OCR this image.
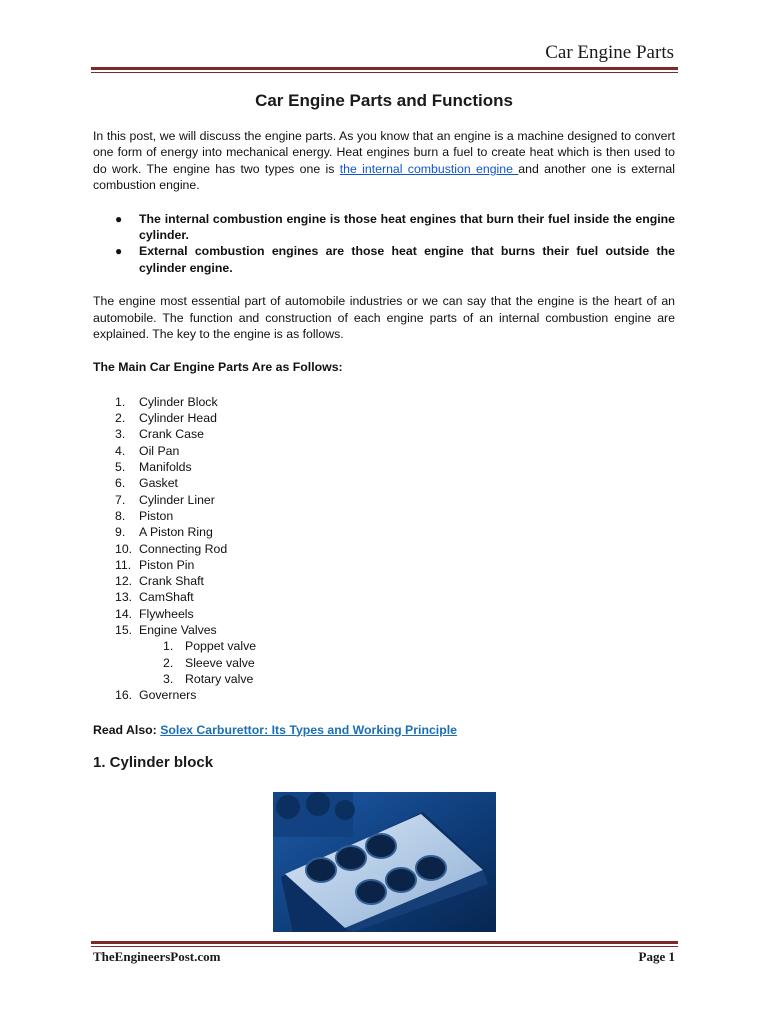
Car Engine Parts
Car Engine Parts and Functions

In this post, we will discuss the engine parts. As you know that an engine is a machine designed to convert one form of energy into mechanical energy. Heat engines burn a fuel to create heat which is then used to do work. The engine has two types one is the internal combustion engine and another one is external combustion engine.

● The internal combustion engine is those heat engines that burn their fuel inside the engine cylinder.
● External combustion engines are those heat engine that burns their fuel outside the cylinder engine.

The engine most essential part of automobile industries or we can say that the engine is the heart of an automobile. The function and construction of each engine parts of an internal combustion engine are explained. The key to the engine is as follows.

The Main Car Engine Parts Are as Follows:
1. Cylinder Block
2. Cylinder Head
3. Crank Case
4. Oil Pan
5. Manifolds
6. Gasket
7. Cylinder Liner
8. Piston
9. A Piston Ring
10. Connecting Rod
11. Piston Pin
12. Crank Shaft
13. CamShaft
14. Flywheels
15. Engine Valves
1. Poppet valve
2. Sleeve valve
3. Rotary valve
16. Governers
Read Also: Solex Carburettor: Its Types and Working Principle
1. Cylinder block
TheEngineersPost.com	Page 1
